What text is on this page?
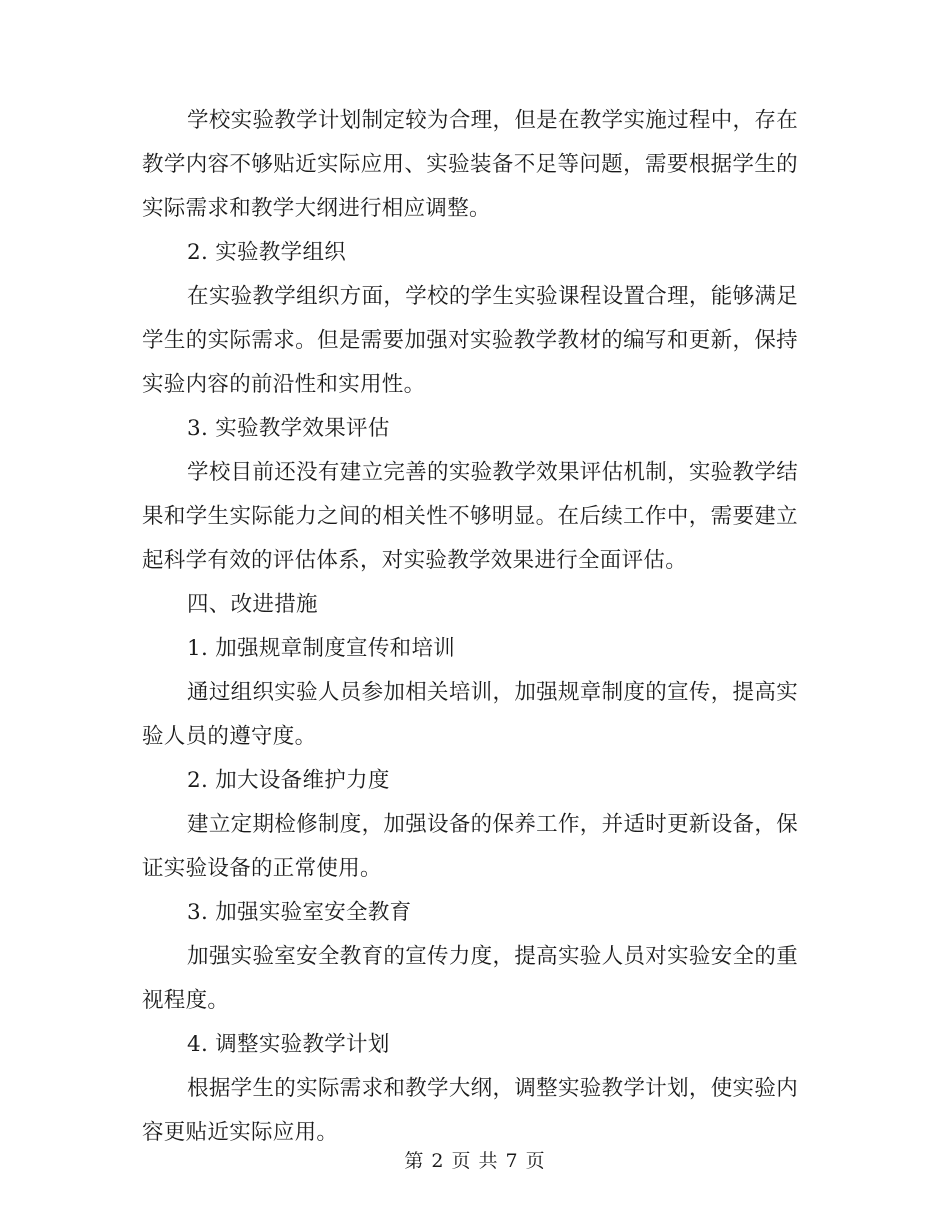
学校实验教学计划制定较为合理，但是在教学实施过程中，存在教学内容不够贴近实际应用、实验装备不足等问题，需要根据学生的实际需求和教学大纲进行相应调整。

2. 实验教学组织

在实验教学组织方面，学校的学生实验课程设置合理，能够满足学生的实际需求。但是需要加强对实验教学教材的编写和更新，保持实验内容的前沿性和实用性。

3. 实验教学效果评估

学校目前还没有建立完善的实验教学效果评估机制，实验教学结果和学生实际能力之间的相关性不够明显。在后续工作中，需要建立起科学有效的评估体系，对实验教学效果进行全面评估。

四、改进措施

1. 加强规章制度宣传和培训

通过组织实验人员参加相关培训，加强规章制度的宣传，提高实验人员的遵守度。

2. 加大设备维护力度

建立定期检修制度，加强设备的保养工作，并适时更新设备，保证实验设备的正常使用。

3. 加强实验室安全教育

加强实验室安全教育的宣传力度，提高实验人员对实验安全的重视程度。

4. 调整实验教学计划

根据学生的实际需求和教学大纲，调整实验教学计划，使实验内容更贴近实际应用。

第 2 页 共 7 页
